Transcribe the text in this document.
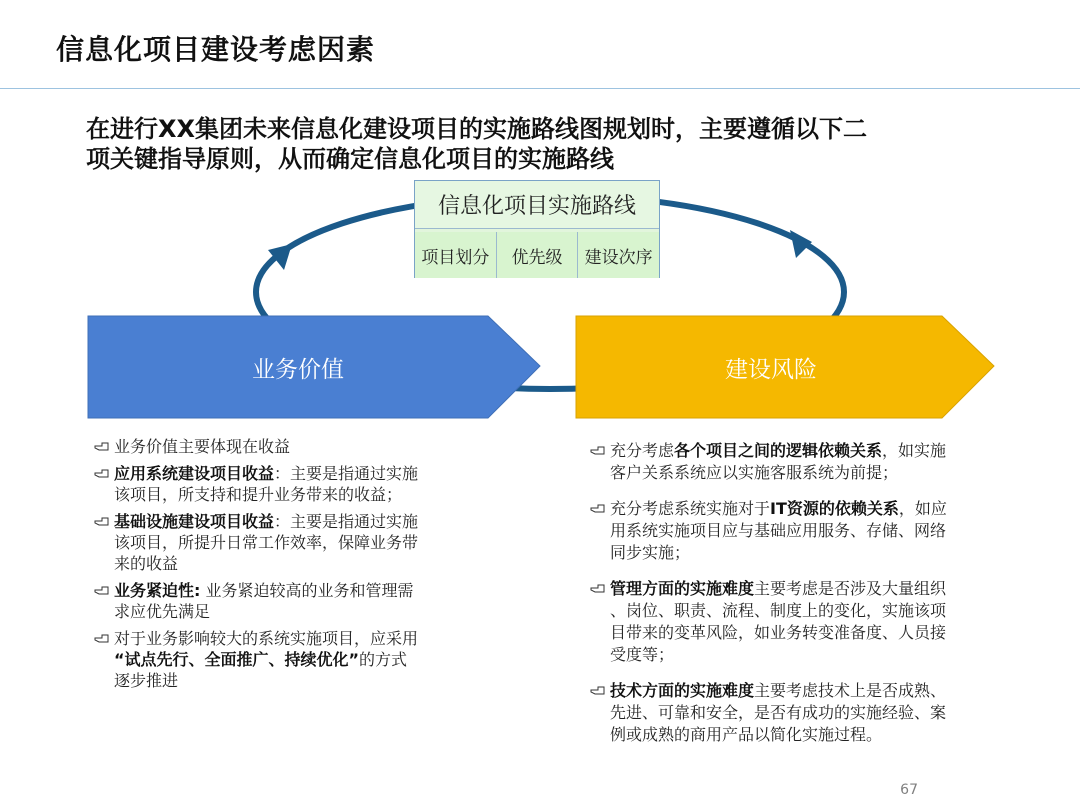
信息化项目建设考虑因素
在进行XX集团未来信息化建设项目的实施路线图规划时，主要遵循以下二
项关键指导原则，从而确定信息化项目的实施路线
信息化项目实施路线
项目划分	优先级	建设次序
业务价值	建设风险
业务价值主要体现在收益
应用系统建设项目收益：主要是指通过实施
该项目，所支持和提升业务带来的收益；
基础设施建设项目收益：主要是指通过实施
该项目，所提升日常工作效率，保障业务带
来的收益
业务紧迫性: 业务紧迫较高的业务和管理需
求应优先满足
对于业务影响较大的系统实施项目，应采用
“试点先行、全面推广、持续优化”的方式
逐步推进
充分考虑各个项目之间的逻辑依赖关系，如实施
客户关系系统应以实施客服系统为前提；
充分考虑系统实施对于IT资源的依赖关系，如应
用系统实施项目应与基础应用服务、存储、网络
同步实施；
管理方面的实施难度主要考虑是否涉及大量组织
、岗位、职责、流程、制度上的变化，实施该项
目带来的变革风险，如业务转变准备度、人员接
受度等；
技术方面的实施难度主要考虑技术上是否成熟、
先进、可靠和安全，是否有成功的实施经验、案
例或成熟的商用产品以简化实施过程。
67
